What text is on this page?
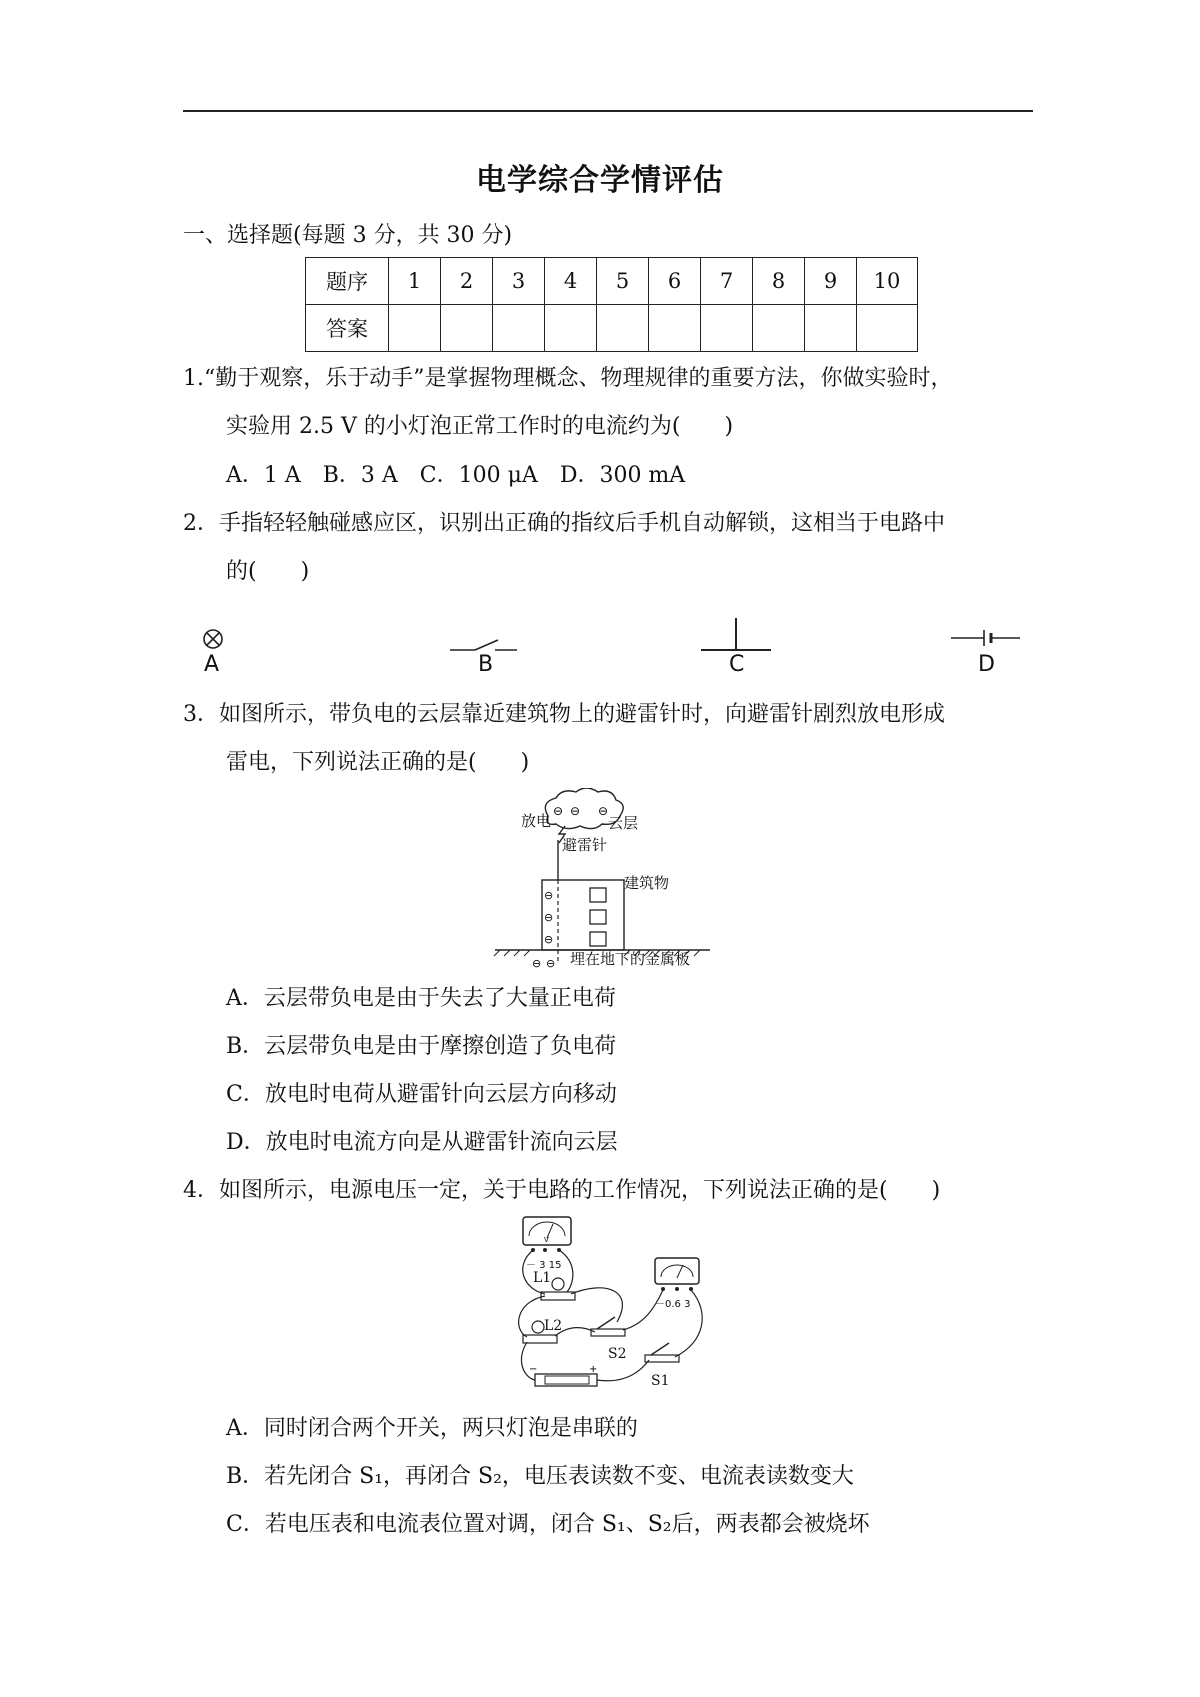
电学综合学情评估
一、选择题(每题 3 分，共 30 分)
题序	1	2	3	4	5	6	7	8	9	10
答案										
1.“勤于观察，乐于动手”是掌握物理概念、物理规律的重要方法，你做实验时，
实验用 2.5 V 的小灯泡正常工作时的电流约为(　　)
A．1 A　B．3 A　C．100 μA　D．300 mA
2．手指轻轻触碰感应区，识别出正确的指纹后手机自动解锁，这相当于电路中
的(　　)
A	B	C	D
3．如图所示，带负电的云层靠近建筑物上的避雷针时，向避雷针剧烈放电形成
雷电，下列说法正确的是(　　)
⊖ ⊖ ⊖
⊖
⊖
⊖
⊖ ⊖
放电	云层
避雷针
建筑物
埋在地下的金属板
A．云层带负电是由于失去了大量正电荷
B．云层带负电是由于摩擦创造了负电荷
C．放电时电荷从避雷针向云层方向移动
D．放电时电流方向是从避雷针流向云层
4．如图所示，电源电压一定，关于电路的工作情况，下列说法正确的是(　　)
V
−	+
－ 3 15
－0.6 3
L1
L2
S2
S1
A．同时闭合两个开关，两只灯泡是串联的
B．若先闭合 S₁，再闭合 S₂，电压表读数不变、电流表读数变大
C．若电压表和电流表位置对调，闭合 S₁、S₂后，两表都会被烧坏
